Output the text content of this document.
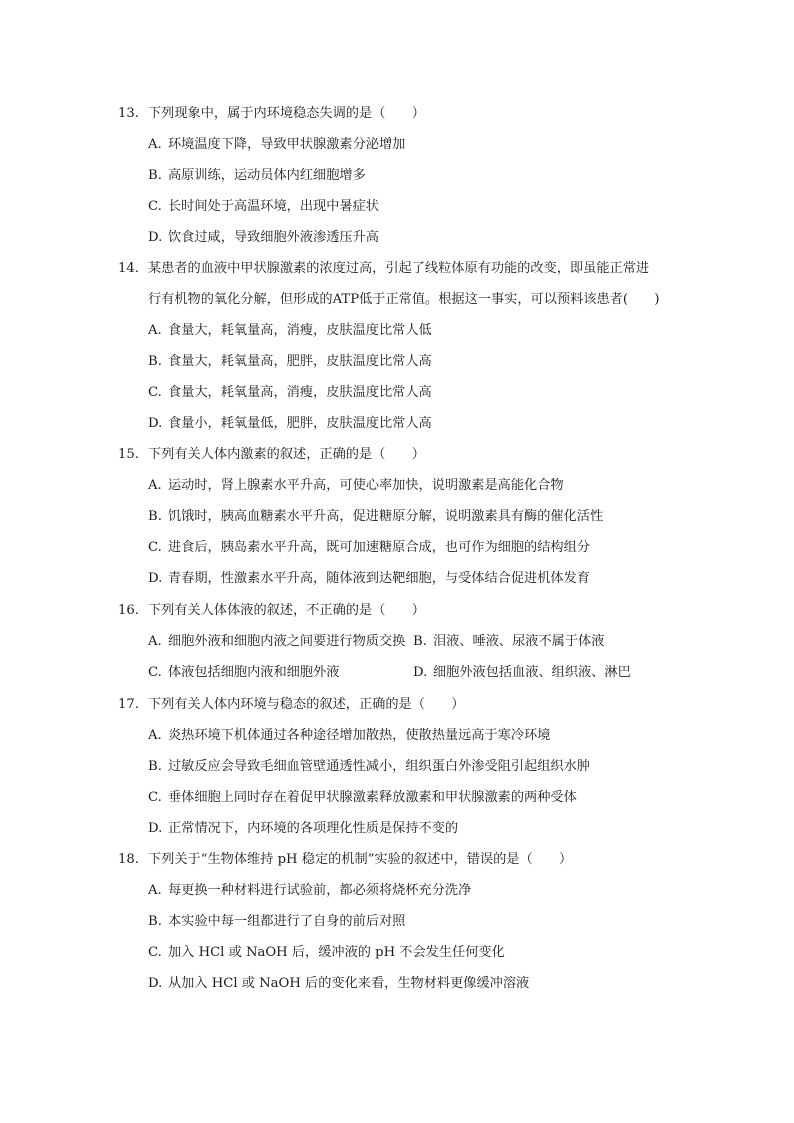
13. 下列现象中，属于内环境稳态失调的是（　　）
A. 环境温度下降，导致甲状腺激素分泌增加
B. 高原训练，运动员体内红细胞增多
C. 长时间处于高温环境，出现中暑症状
D. 饮食过咸，导致细胞外液渗透压升高
14. 某患者的血液中甲状腺激素的浓度过高，引起了线粒体原有功能的改变，即虽能正常进
行有机物的氧化分解，但形成的ATP低于正常值。根据这一事实，可以预料该患者(　　)
A. 食量大，耗氧量高，消瘦，皮肤温度比常人低
B. 食量大，耗氧量高，肥胖，皮肤温度比常人高
C. 食量大，耗氧量高，消瘦，皮肤温度比常人高
D. 食量小，耗氧量低，肥胖，皮肤温度比常人高
15. 下列有关人体内激素的叙述，正确的是（　　）
A. 运动时，肾上腺素水平升高，可使心率加快，说明激素是高能化合物
B. 饥饿时，胰高血糖素水平升高，促进糖原分解，说明激素具有酶的催化活性
C. 进食后，胰岛素水平升高，既可加速糖原合成，也可作为细胞的结构组分
D. 青春期，性激素水平升高，随体液到达靶细胞，与受体结合促进机体发育
16. 下列有关人体体液的叙述，不正确的是（　　）
A. 细胞外液和细胞内液之间要进行物质交换 B. 泪液、唾液、尿液不属于体液
C. 体液包括细胞内液和细胞外液	D. 细胞外液包括血液、组织液、淋巴
17. 下列有关人体内环境与稳态的叙述，正确的是（　　）
A. 炎热环境下机体通过各种途径增加散热，使散热量远高于寒冷环境
B. 过敏反应会导致毛细血管壁通透性减小，组织蛋白外渗受阻引起组织水肿
C. 垂体细胞上同时存在着促甲状腺激素释放激素和甲状腺激素的两种受体
D. 正常情况下，内环境的各项理化性质是保持不变的
18. 下列关于“生物体维持 pH 稳定的机制”实验的叙述中，错误的是（　　）
A. 每更换一种材料进行试验前，都必须将烧杯充分洗净
B. 本实验中每一组都进行了自身的前后对照
C. 加入 HCl 或 NaOH 后，缓冲液的 pH 不会发生任何变化
D. 从加入 HCl 或 NaOH 后的变化来看，生物材料更像缓冲溶液
